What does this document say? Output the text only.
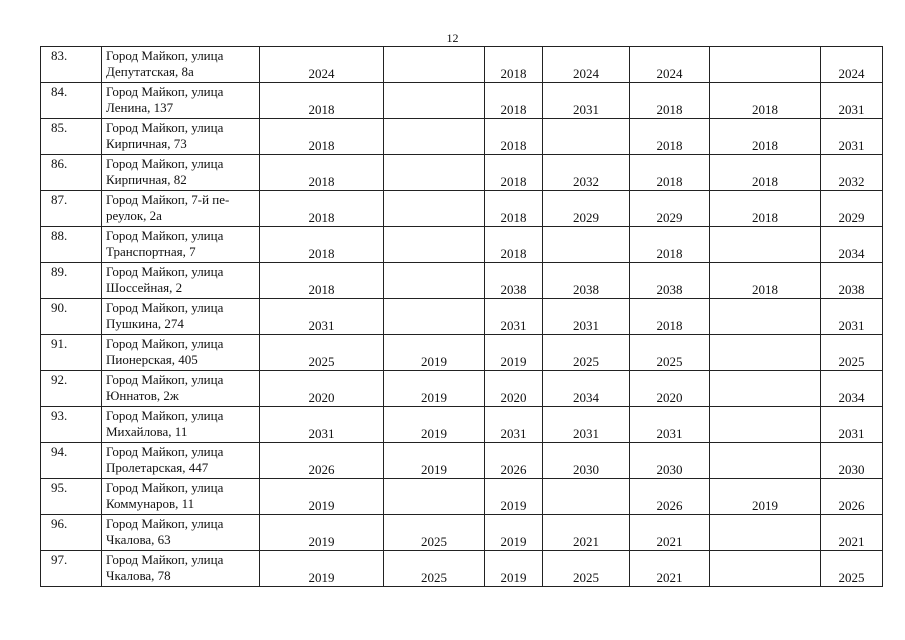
12
83.	Город Майкоп, улица
Депутатская, 8а	2024		2018	2024	2024		2024
84.	Город Майкоп, улица
Ленина, 137	2018		2018	2031	2018	2018	2031
85.	Город Майкоп, улица
Кирпичная, 73	2018		2018		2018	2018	2031
86.	Город Майкоп, улица
Кирпичная, 82	2018		2018	2032	2018	2018	2032
87.	Город Майкоп, 7-й пе-
реулок, 2а	2018		2018	2029	2029	2018	2029
88.	Город Майкоп, улица
Транспортная, 7	2018		2018		2018		2034
89.	Город Майкоп, улица
Шоссейная, 2	2018		2038	2038	2038	2018	2038
90.	Город Майкоп, улица
Пушкина, 274	2031		2031	2031	2018		2031
91.	Город Майкоп, улица
Пионерская, 405	2025	2019	2019	2025	2025		2025
92.	Город Майкоп, улица
Юннатов, 2ж	2020	2019	2020	2034	2020		2034
93.	Город Майкоп, улица
Михайлова, 11	2031	2019	2031	2031	2031		2031
94.	Город Майкоп, улица
Пролетарская, 447	2026	2019	2026	2030	2030		2030
95.	Город Майкоп, улица
Коммунаров, 11	2019		2019		2026	2019	2026
96.	Город Майкоп, улица
Чкалова, 63	2019	2025	2019	2021	2021		2021
97.	Город Майкоп, улица
Чкалова, 78	2019	2025	2019	2025	2021		2025
